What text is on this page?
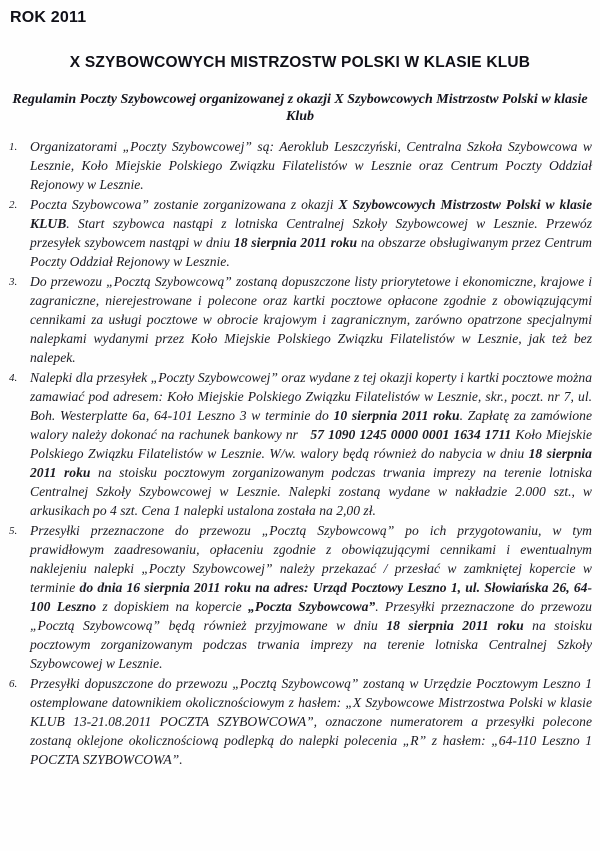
ROK 2011
X SZYBOWCOWYCH MISTRZOSTW POLSKI W KLASIE KLUB
Regulamin Poczty Szybowcowej organizowanej z okazji X Szybowcowych Mistrzostw Polski w klasie Klub
1. Organizatorami „Poczty Szybowcowej” są: Aeroklub Leszczyński, Centralna Szkoła Szybowcowa w Lesznie, Koło Miejskie Polskiego Związku Filatelistów w Lesznie oraz Centrum Poczty Oddział Rejonowy w Lesznie.
2. Poczta Szybowcowa” zostanie zorganizowana z okazji X Szybowcowych Mistrzostw Polski w klasie KLUB. Start szybowca nastąpi z lotniska Centralnej Szkoły Szybowcowej w Lesznie. Przewóz przesyłek szybowcem nastąpi w dniu 18 sierpnia 2011 roku na obszarze obsługiwanym przez Centrum Poczty Oddział Rejonowy w Lesznie.
3. Do przewozu „Pocztą Szybowcową” zostaną dopuszczone listy priorytetowe i ekonomiczne, krajowe i zagraniczne, nierejestrowane i polecone oraz kartki pocztowe opłacone zgodnie z obowiązującymi cennikami za usługi pocztowe w obrocie krajowym i zagranicznym, zarówno opatrzone specjalnymi nalepkami wydanymi przez Koło Miejskie Polskiego Związku Filatelistów w Lesznie, jak też bez nalepek.
4. Nalepki dla przesyłek „Poczty Szybowcowej” oraz wydane z tej okazji koperty i kartki pocztowe można zamawiać pod adresem: Koło Miejskie Polskiego Związku Filatelistów w Lesznie, skr., poczt. nr 7, ul. Boh. Westerplatte 6a, 64-101 Leszno 3 w terminie do 10 sierpnia 2011 roku. Zapłatę za zamówione walory należy dokonać na rachunek bankowy nr   57 1090 1245 0000 0001 1634 1711 Koło Miejskie Polskiego Związku Filatelistów w Lesznie. W/w. walory będą również do nabycia w dniu 18 sierpnia 2011 roku na stoisku pocztowym zorganizowanym podczas trwania imprezy na terenie lotniska Centralnej Szkoły Szybowcowej w Lesznie. Nalepki zostaną wydane w nakładzie 2.000 szt., w arkusikach po 4 szt. Cena 1 nalepki ustalona została na 2,00 zł.
5. Przesyłki przeznaczone do przewozu „Pocztą Szybowcową” po ich przygotowaniu, w tym prawidłowym zaadresowaniu, opłaceniu zgodnie z obowiązującymi cennikami i ewentualnym naklejeniu nalepki „Poczty Szybowcowej” należy przekazać / przesłać w zamkniętej kopercie w terminie do dnia 16 sierpnia 2011 roku na adres: Urząd Pocztowy Leszno 1, ul. Słowiańska 26, 64-100 Leszno z dopiskiem na kopercie „Poczta Szybowcowa”. Przesyłki przeznaczone do przewozu „Pocztą Szybowcową” będą również przyjmowane w dniu 18 sierpnia 2011 roku na stoisku pocztowym zorganizowanym podczas trwania imprezy na terenie lotniska Centralnej Szkoły Szybowcowej w Lesznie.
6. Przesyłki dopuszczone do przewozu „Pocztą Szybowcową” zostaną w Urzędzie Pocztowym Leszno 1 ostemplowane datownikiem okolicznościowym z hasłem: „X Szybowcowe Mistrzostwa Polski w klasie KLUB 13-21.08.2011 POCZTA SZYBOWCOWA”, oznaczone numeratorem a przesyłki polecone zostaną oklejone okolicznościową podlepką do nalepki polecenia „R” z hasłem: „64-110 Leszno 1 POCZTA SZYBOWCOWA”.
